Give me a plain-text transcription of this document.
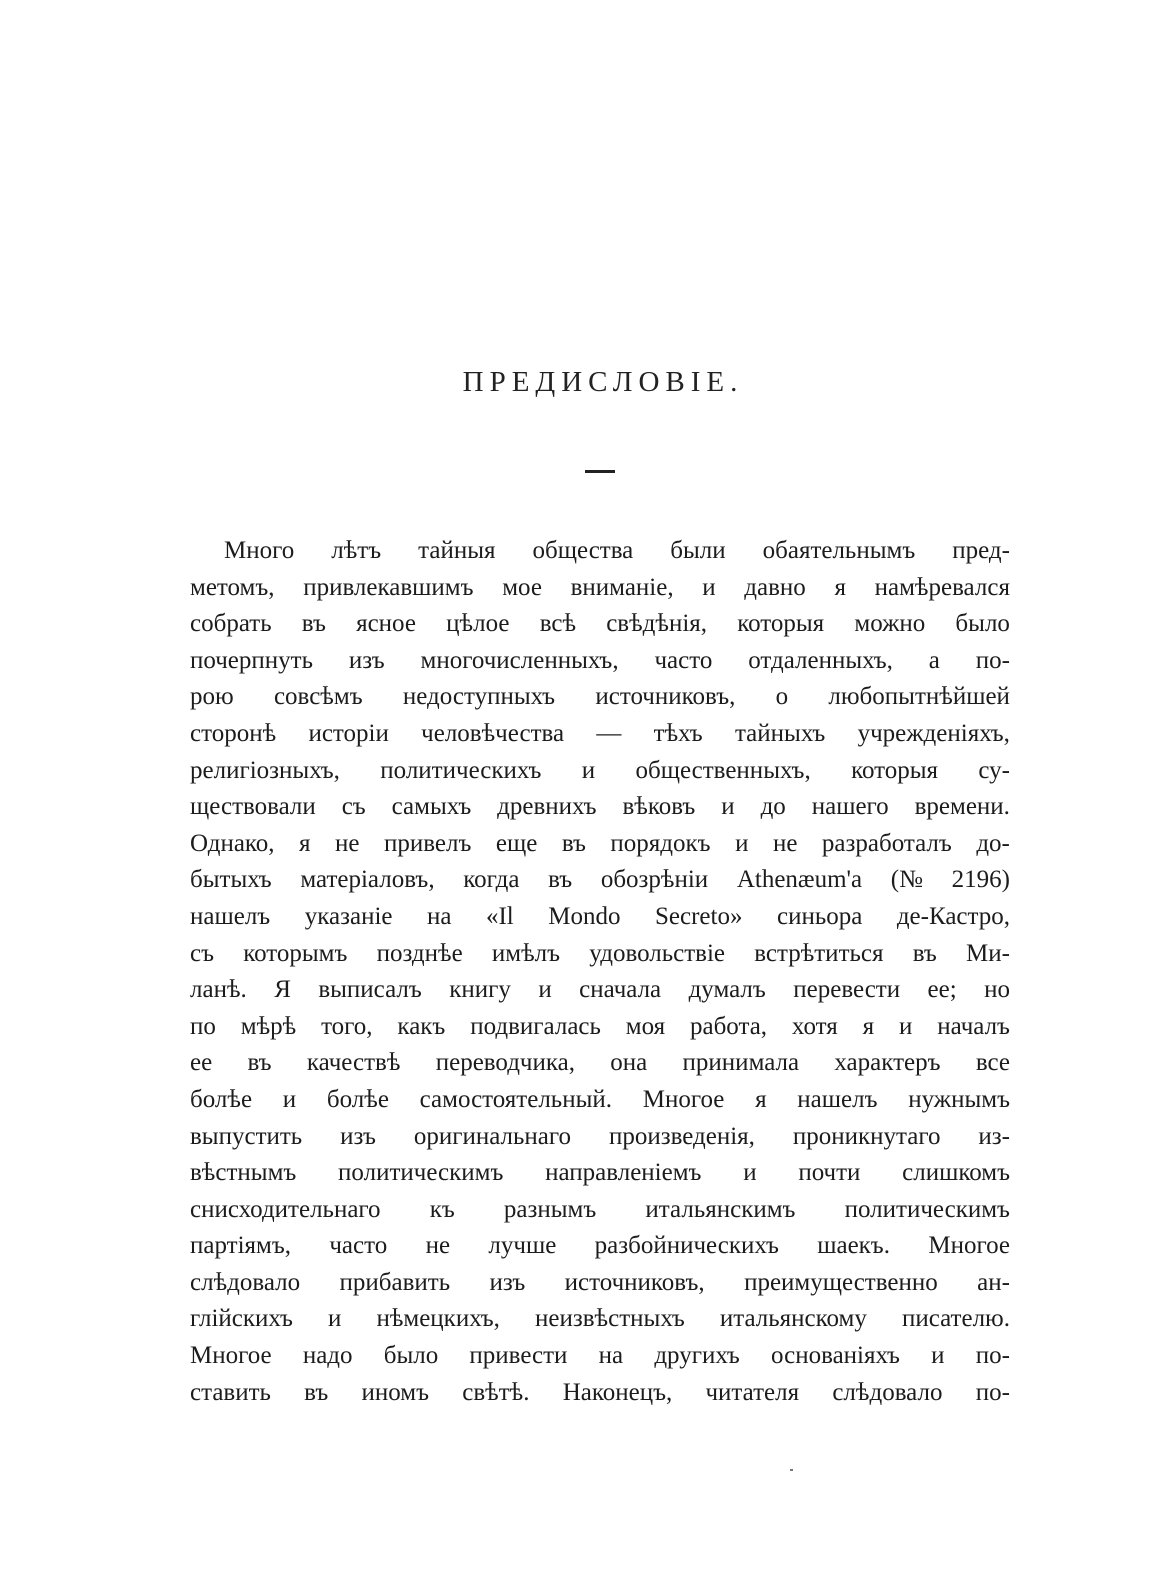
ПРЕДИСЛОВІЕ.
Много лѣтъ тайныя общества были обаятельнымъ пред-
метомъ, привлекавшимъ мое вниманіе, и давно я намѣревался
собрать въ ясное цѣлое всѣ свѣдѣнія, которыя можно было
почерпнуть изъ многочисленныхъ, часто отдаленныхъ, а по-
рою совсѣмъ недоступныхъ источниковъ, о любопытнѣйшей
сторонѣ исторіи человѣчества — тѣхъ тайныхъ учрежденіяхъ,
религіозныхъ, политическихъ и общественныхъ, которыя су-
ществовали съ самыхъ древнихъ вѣковъ и до нашего времени.
Однако, я не привелъ еще въ порядокъ и не разработалъ до-
бытыхъ матеріаловъ, когда въ обозрѣніи Athenæum'а (№ 2196)
нашелъ указаніе на «Il Mondo Secreto» синьора де-Кастро,
съ которымъ позднѣе имѣлъ удовольствіе встрѣтиться въ Ми-
ланѣ. Я выписалъ книгу и сначала думалъ перевести ее; но
по мѣрѣ того, какъ подвигалась моя работа, хотя я и началъ
ее въ качествѣ переводчика, она принимала характеръ все
болѣе и болѣе самостоятельный. Многое я нашелъ нужнымъ
выпустить изъ оригинальнаго произведенія, проникнутаго из-
вѣстнымъ политическимъ направленіемъ и почти слишкомъ
снисходительнаго къ разнымъ итальянскимъ политическимъ
партіямъ, часто не лучше разбойническихъ шаекъ. Многое
слѣдовало прибавить изъ источниковъ, преимущественно ан-
глійскихъ и нѣмецкихъ, неизвѣстныхъ итальянскому писателю.
Многое надо было привести на другихъ основаніяхъ и по-
ставить въ иномъ свѣтѣ. Наконецъ, читателя слѣдовало по-
